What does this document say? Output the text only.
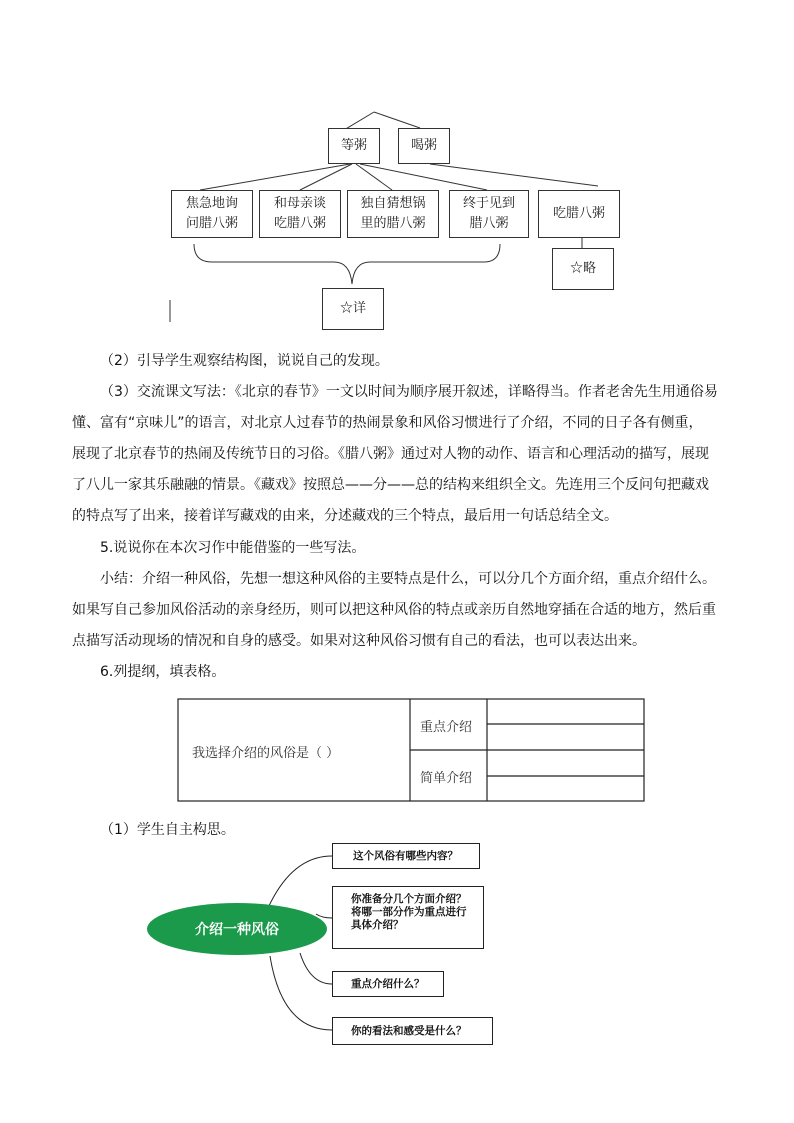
等粥	喝粥
焦急地询
问腊八粥
和母亲谈
吃腊八粥
独自猜想锅
里的腊八粥
终于见到
腊八粥
吃腊八粥
☆略
☆详
（2）引导学生观察结构图，说说自己的发现。
（3）交流课文写法：《北京的春节》一文以时间为顺序展开叙述，详略得当。作者老舍先生用通俗易
懂、富有“京味儿”的语言，对北京人过春节的热闹景象和风俗习惯进行了介绍，不同的日子各有侧重，
展现了北京春节的热闹及传统节日的习俗。《腊八粥》通过对人物的动作、语言和心理活动的描写，展现
了八儿一家其乐融融的情景。《藏戏》按照总——分——总的结构来组织全文。先连用三个反问句把藏戏
的特点写了出来，接着详写藏戏的由来，分述藏戏的三个特点，最后用一句话总结全文。
5.说说你在本次习作中能借鉴的一些写法。
小结：介绍一种风俗，先想一想这种风俗的主要特点是什么，可以分几个方面介绍，重点介绍什么。
如果写自己参加风俗活动的亲身经历，则可以把这种风俗的特点或亲历自然地穿插在合适的地方，然后重
点描写活动现场的情况和自身的感受。如果对这种风俗习惯有自己的看法，也可以表达出来。
6.列提纲，填表格。
我选择介绍的风俗是（ ）
重点介绍
简单介绍
（1）学生自主构思。
介绍一种风俗
这个风俗有哪些内容？
你准备分几个方面介绍？
将哪一部分作为重点进行
具体介绍？
重点介绍什么？
你的看法和感受是什么？
